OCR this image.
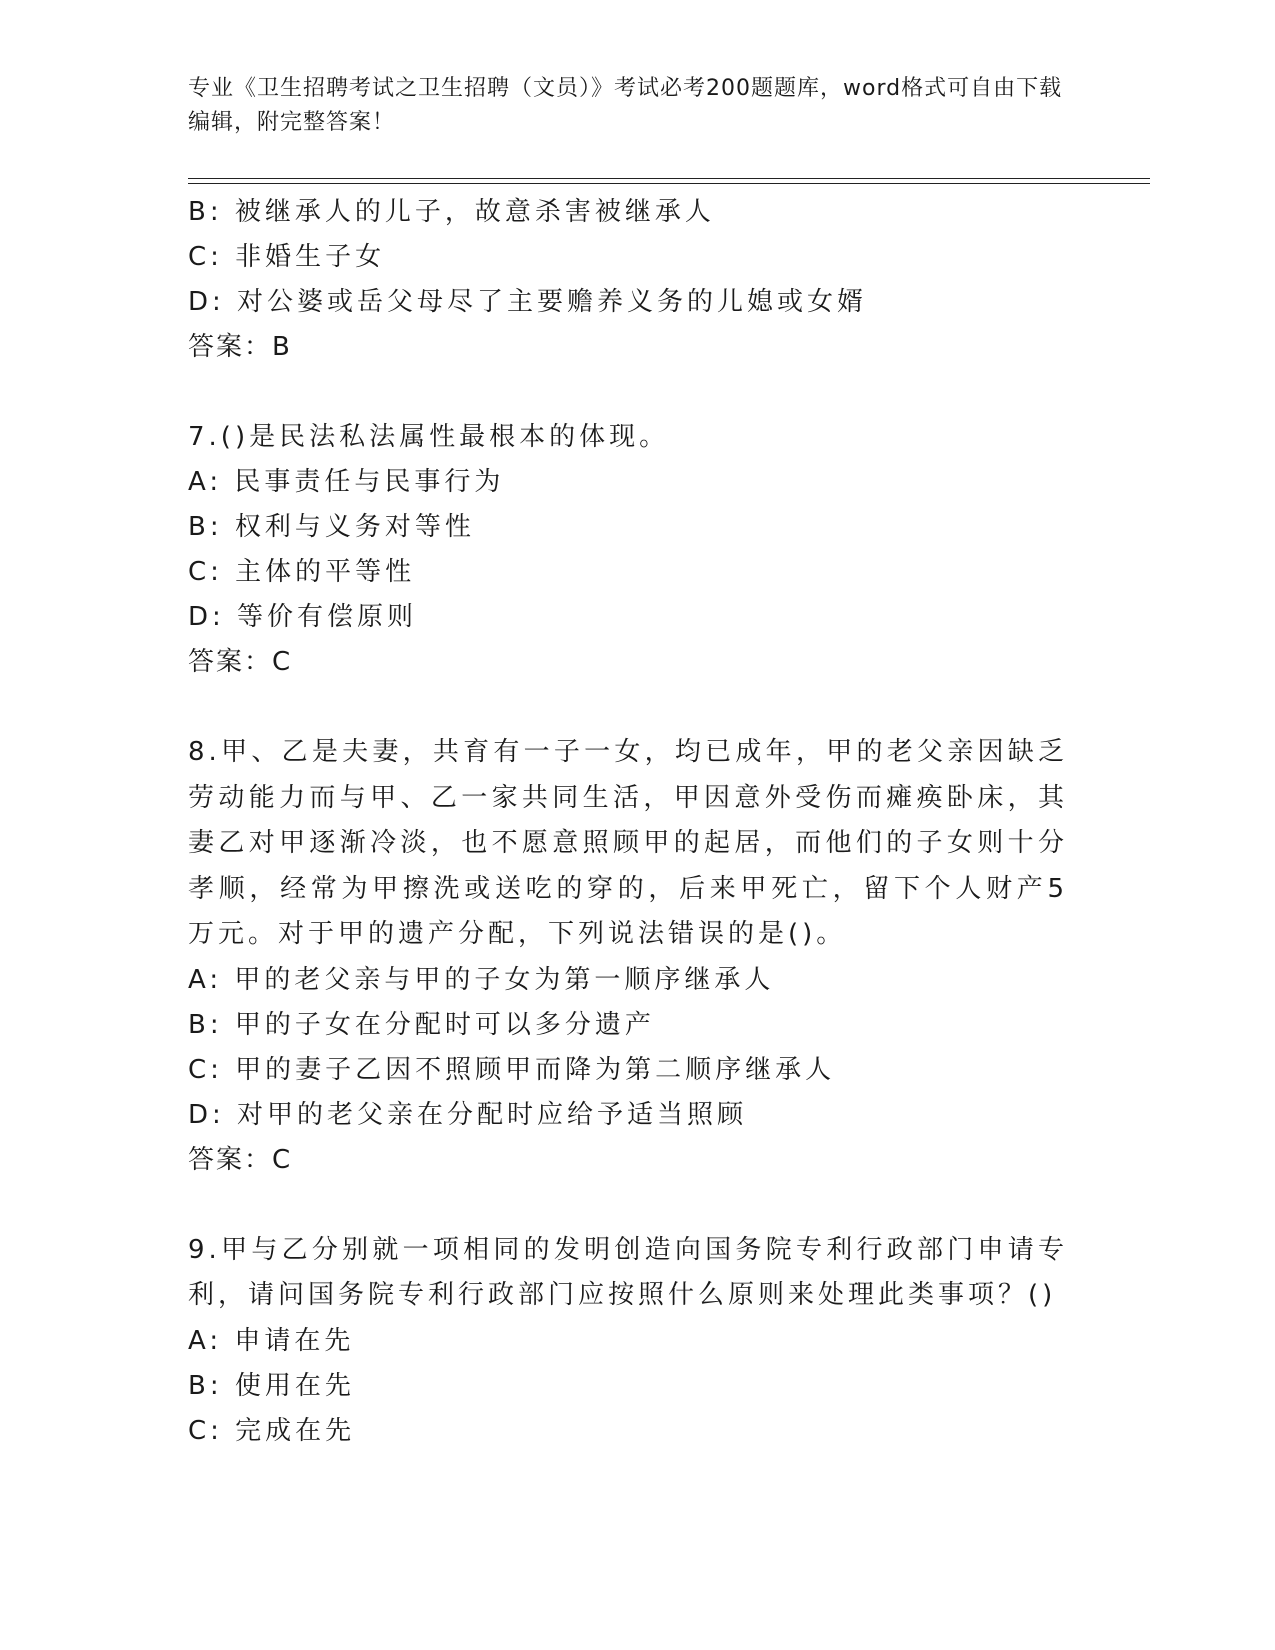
专业《卫生招聘考试之卫生招聘（文员）》考试必考200题题库，word格式可自由下载编辑，附完整答案！
B: 被继承人的儿子，故意杀害被继承人
C: 非婚生子女
D: 对公婆或岳父母尽了主要赡养义务的儿媳或女婿
答案：B
7.()是民法私法属性最根本的体现。
A: 民事责任与民事行为
B: 权利与义务对等性
C: 主体的平等性
D: 等价有偿原则
答案：C
8.甲、乙是夫妻，共育有一子一女，均已成年，甲的老父亲因缺乏劳动能力而与甲、乙一家共同生活，甲因意外受伤而瘫痪卧床，其妻乙对甲逐渐冷淡，也不愿意照顾甲的起居，而他们的子女则十分孝顺，经常为甲擦洗或送吃的穿的，后来甲死亡，留下个人财产5万元。对于甲的遗产分配，下列说法错误的是()。
A: 甲的老父亲与甲的子女为第一顺序继承人
B: 甲的子女在分配时可以多分遗产
C: 甲的妻子乙因不照顾甲而降为第二顺序继承人
D: 对甲的老父亲在分配时应给予适当照顾
答案：C
9.甲与乙分别就一项相同的发明创造向国务院专利行政部门申请专利，请问国务院专利行政部门应按照什么原则来处理此类事项？()
A: 申请在先
B: 使用在先
C: 完成在先
